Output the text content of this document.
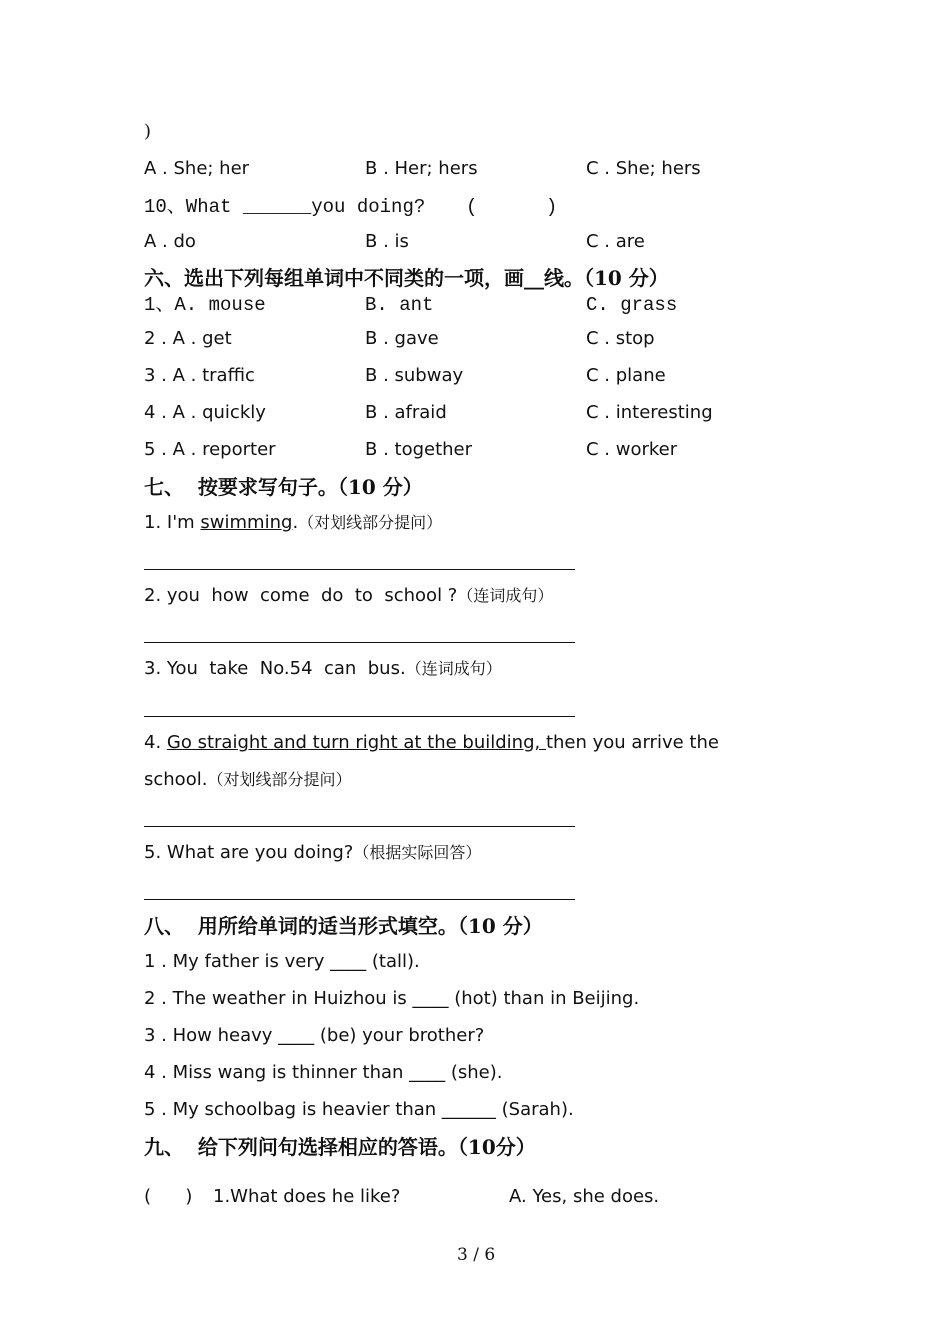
)
A . She; her	B . Her; hers	C . She; hers
10、What ______you doing? (      )
A . do	B . is	C . are
六、选出下列每组单词中不同类的一项，画__线。（10 分）
1、A. mouse	B. ant	C. grass
2 . A . get	B . gave	C . stop
3 . A . traffic	B . subway	C . plane
4 . A . quickly	B . afraid	C . interesting
5 . A . reporter	B . together	C . worker
七、  按要求写句子。（10 分）
1. I'm swimming.（对划线部分提问）
2. you  how  come  do  to  school ?（连词成句）
3. You  take  No.54  can  bus.（连词成句）
4. Go straight and turn right at the building, then you arrive the
school.（对划线部分提问）
5. What are you doing?（根据实际回答）
八、  用所给单词的适当形式填空。（10 分）
1 . My father is very ____ (tall).
2 . The weather in Huizhou is ____ (hot) than in Beijing.
3 . How heavy ____ (be) your brother?
4 . Miss wang is thinner than ____ (she).
5 . My schoolbag is heavier than ______ (Sarah).
九、  给下列问句选择相应的答语。（10分）
(      ) 1.What does he like?	A. Yes, she does.
3 / 6
